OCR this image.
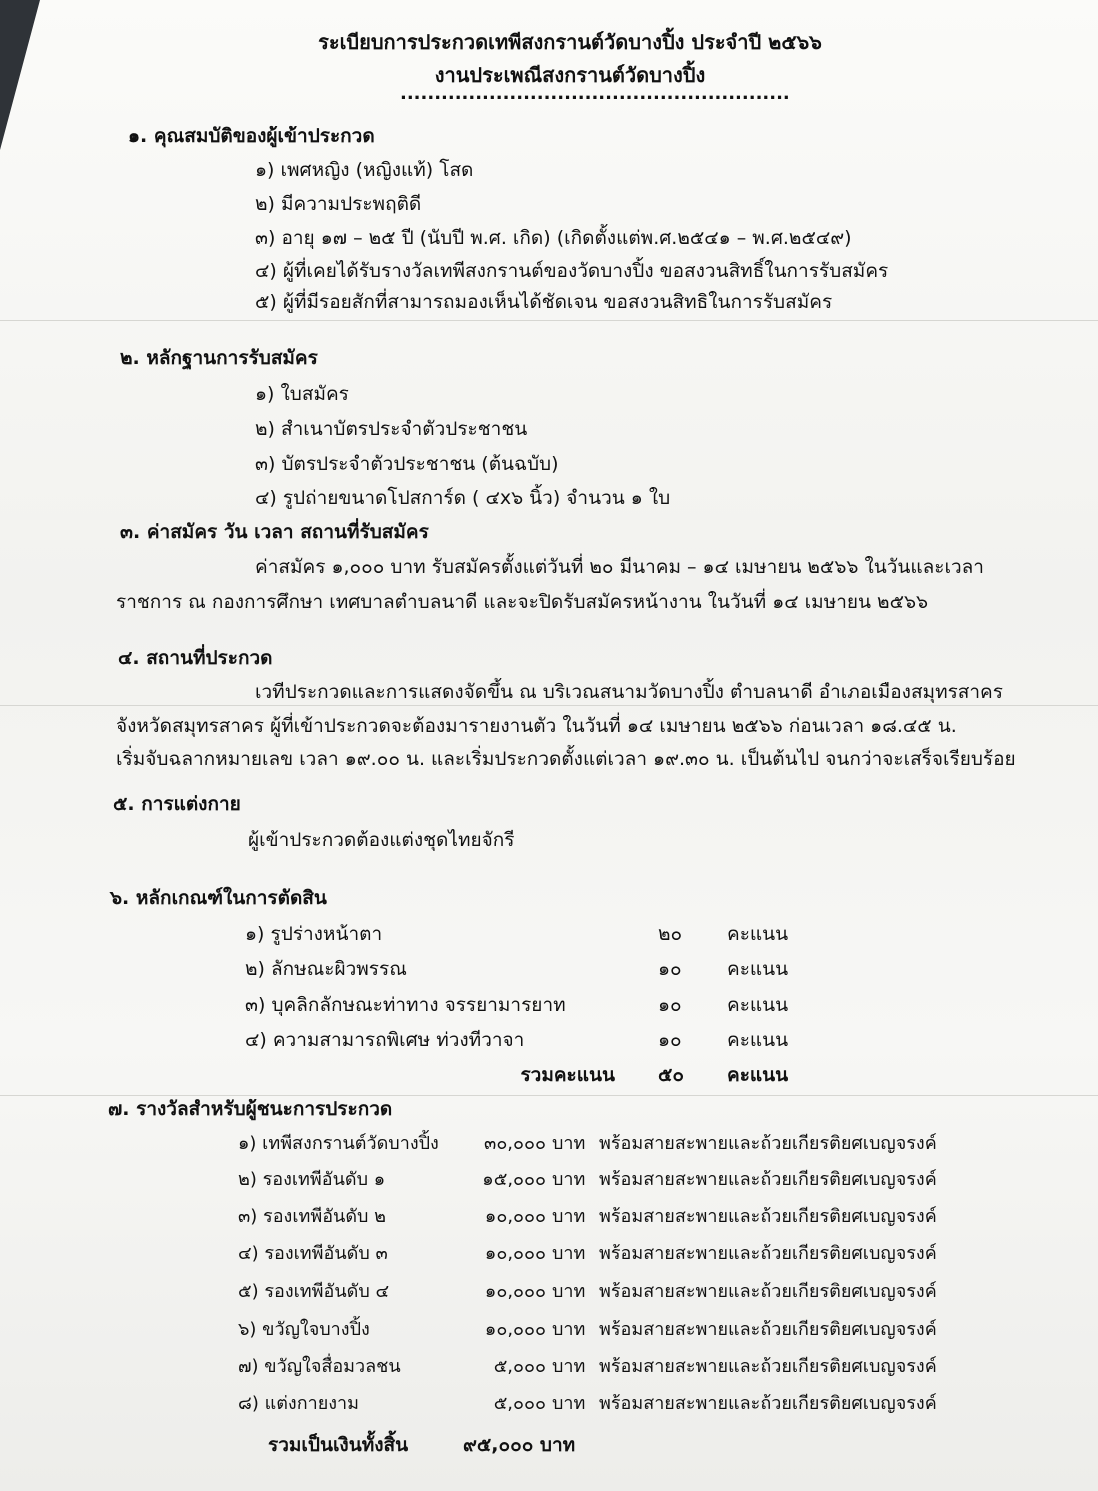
ระเบียบการประกวดเทพีสงกรานต์วัดบางปิ้ง ประจำปี ๒๕๖๖
งานประเพณีสงกรานต์วัดบางปิ้ง
.........................................................
๑. คุณสมบัติของผู้เข้าประกวด
๑) เพศหญิง (หญิงแท้) โสด
๒) มีความประพฤติดี
๓) อายุ ๑๗ – ๒๕ ปี (นับปี พ.ศ. เกิด) (เกิดตั้งแต่พ.ศ.๒๕๔๑ – พ.ศ.๒๕๔๙)
๔) ผู้ที่เคยได้รับรางวัลเทพีสงกรานต์ของวัดบางปิ้ง ขอสงวนสิทธิ์ในการรับสมัคร
๕) ผู้ที่มีรอยสักที่สามารถมองเห็นได้ชัดเจน ขอสงวนสิทธิในการรับสมัคร
๒. หลักฐานการรับสมัคร
๑) ใบสมัคร
๒) สำเนาบัตรประจำตัวประชาชน
๓) บัตรประจำตัวประชาชน (ต้นฉบับ)
๔) รูปถ่ายขนาดโปสการ์ด ( ๔x๖ นิ้ว) จำนวน ๑ ใบ
๓. ค่าสมัคร วัน เวลา สถานที่รับสมัคร
ค่าสมัคร ๑,๐๐๐ บาท รับสมัครตั้งแต่วันที่ ๒๐ มีนาคม – ๑๔ เมษายน ๒๕๖๖ ในวันและเวลา
ราชการ ณ กองการศึกษา เทศบาลตำบลนาดี และจะปิดรับสมัครหน้างาน ในวันที่ ๑๔ เมษายน ๒๕๖๖
๔. สถานที่ประกวด
เวทีประกวดและการแสดงจัดขึ้น ณ บริเวณสนามวัดบางปิ้ง ตำบลนาดี อำเภอเมืองสมุทรสาคร
จังหวัดสมุทรสาคร ผู้ที่เข้าประกวดจะต้องมารายงานตัว ในวันที่ ๑๔ เมษายน ๒๕๖๖ ก่อนเวลา ๑๘.๔๕ น.
เริ่มจับฉลากหมายเลข เวลา ๑๙.๐๐ น. และเริ่มประกวดตั้งแต่เวลา ๑๙.๓๐ น. เป็นต้นไป จนกว่าจะเสร็จเรียบร้อย
๕. การแต่งกาย
ผู้เข้าประกวดต้องแต่งชุดไทยจักรี
๖. หลักเกณฑ์ในการตัดสิน
๑) รูปร่างหน้าตา	๒๐ คะแนน
๒) ลักษณะผิวพรรณ	๑๐ คะแนน
๓) บุคลิกลักษณะท่าทาง จรรยามารยาท	๑๐ คะแนน
๔) ความสามารถพิเศษ ท่วงทีวาจา	๑๐ คะแนน
รวมคะแนน ๕๐ คะแนน
๗. รางวัลสำหรับผู้ชนะการประกวด
๑) เทพีสงกรานต์วัดบางปิ้ง	๓๐,๐๐๐ บาท พร้อมสายสะพายและถ้วยเกียรติยศเบญจรงค์
๒) รองเทพีอันดับ ๑	๑๕,๐๐๐ บาท พร้อมสายสะพายและถ้วยเกียรติยศเบญจรงค์
๓) รองเทพีอันดับ ๒	๑๐,๐๐๐ บาท พร้อมสายสะพายและถ้วยเกียรติยศเบญจรงค์
๔) รองเทพีอันดับ ๓	๑๐,๐๐๐ บาท พร้อมสายสะพายและถ้วยเกียรติยศเบญจรงค์
๕) รองเทพีอันดับ ๔	๑๐,๐๐๐ บาท พร้อมสายสะพายและถ้วยเกียรติยศเบญจรงค์
๖) ขวัญใจบางปิ้ง	๑๐,๐๐๐ บาท พร้อมสายสะพายและถ้วยเกียรติยศเบญจรงค์
๗) ขวัญใจสื่อมวลชน	๕,๐๐๐ บาท พร้อมสายสะพายและถ้วยเกียรติยศเบญจรงค์
๘) แต่งกายงาม	๕,๐๐๐ บาท พร้อมสายสะพายและถ้วยเกียรติยศเบญจรงค์
รวมเป็นเงินทั้งสิ้น	๙๕,๐๐๐ บาท
